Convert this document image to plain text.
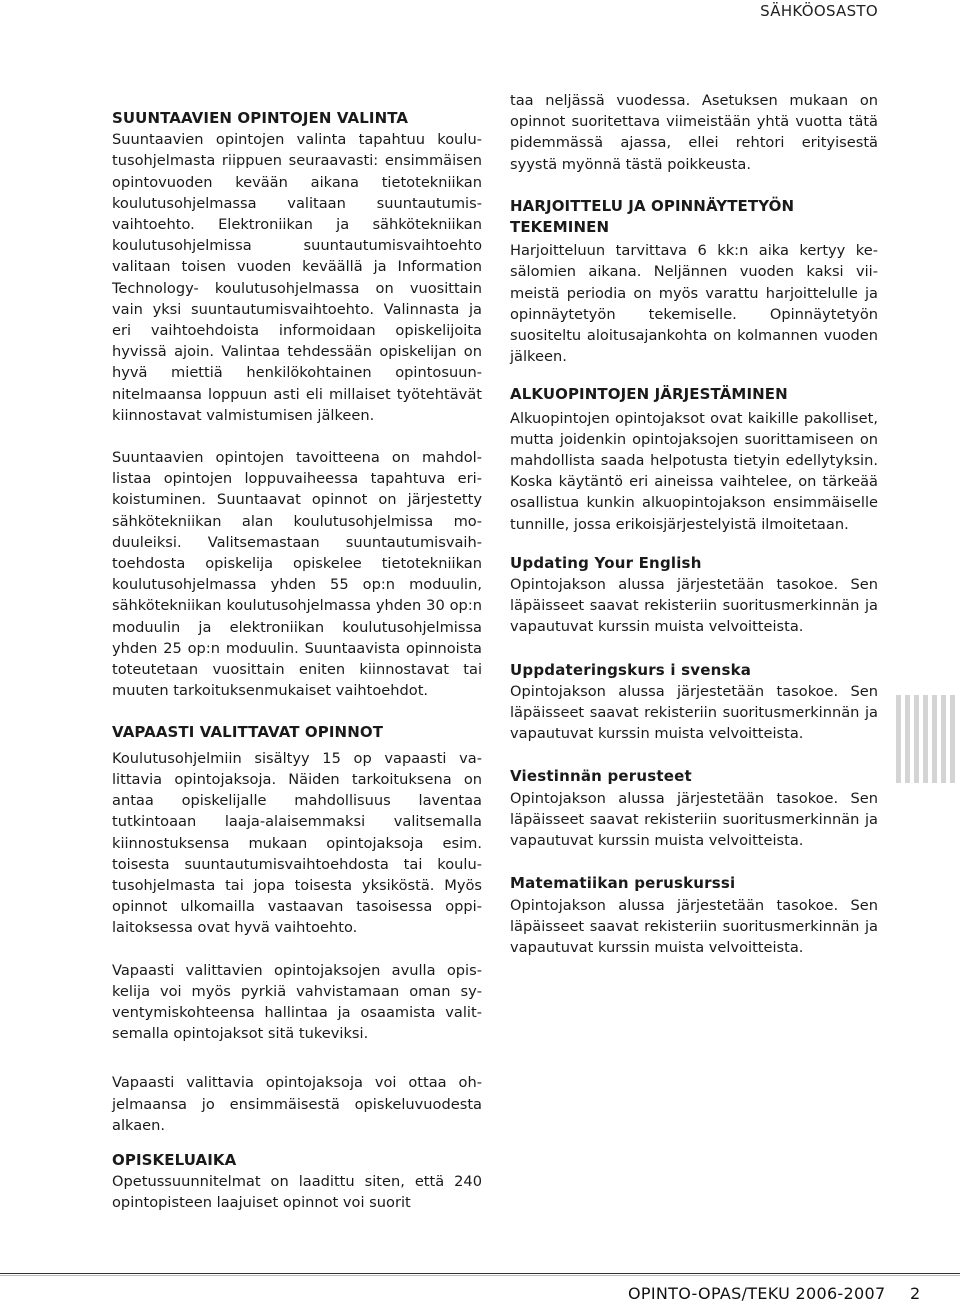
SÄHKÖOSASTO
SUUNTAAVIEN OPINTOJEN VALINTA

Suuntaavien opintojen valinta tapahtuu koulutusohjelmasta riippuen seuraavasti: ensimmäisen opintovuoden kevään aikana tietotekniikan koulutusohjelmassa valitaan suuntautumisvaihtoehto. Elektroniikan ja sähkötekniikan koulutusohjelmissa suuntautumisvaihtoehto valitaan toisen vuoden keväällä ja Information Technology- koulutusohjelmassa on vuosittain vain yksi suuntautumisvaihtoehto. Valinnasta ja eri vaihtoehdoista informoidaan opiskelijoita hyvissä ajoin. Valintaa tehdessään opiskelijan on hyvä miettiä henkilökohtainen opintosuunnitelmaansa loppuun asti eli millaiset työtehtävät kiinnostavat valmistumisen jälkeen.

Suuntaavien opintojen tavoitteena on mahdollistaa opintojen loppuvaiheessa tapahtuva erikoistuminen. Suuntaavat opinnot on järjestetty sähkötekniikan alan koulutusohjelmissa moduuleiksi. Valitsemastaan suuntautumisvaihtoehdosta opiskelija opiskelee tietotekniikan koulutusohjelmassa yhden 55 op:n moduulin, sähkötekniikan koulutusohjelmassa yhden 30 op:n moduulin ja elektroniikan koulutusohjelmissa yhden 25 op:n moduulin. Suuntaavista opinnoista toteutetaan vuosittain eniten kiinnostavat tai muuten tarkoituksenmukaiset vaihtoehdot.

VAPAASTI VALITTAVAT OPINNOT

Koulutusohjelmiin sisältyy 15 op vapaasti valittavia opintojaksoja. Näiden tarkoituksena on antaa opiskelijalle mahdollisuus laventaa tutkintoaan laaja-alaisemmaksi valitsemalla kiinnostuksensa mukaan opintojaksoja esim. toisesta suuntautumisvaihtoehdosta tai koulutusohjelmasta tai jopa toisesta yksiköstä. Myös opinnot ulkomailla vastaavan tasoisessa oppilaitoksessa ovat hyvä vaihtoehto.

Vapaasti valittavien opintojaksojen avulla opiskelija voi myös pyrkiä vahvistamaan oman syventymiskohteensa hallintaa ja osaamista valitsemalla opintojaksot sitä tukeviksi.

Vapaasti valittavia opintojaksoja voi ottaa ohjelmaansa jo ensimmäisestä opiskeluvuodesta alkaen.

OPISKELUAIKA

Opetussuunnitelmat on laadittu siten, että 240 opintopisteen laajuiset opinnot voi suorit

taa neljässä vuodessa. Asetuksen mukaan on opinnot suoritettava viimeistään yhtä vuotta tätä pidemmässä ajassa, ellei rehtori erityisestä syystä myönnä tästä poikkeusta.

HARJOITTELU JA OPINNÄYTETYÖN TEKEMINEN

Harjoitteluun tarvittava 6 kk:n aika kertyy kesälomien aikana. Neljännen vuoden kaksi viimeistä periodia on myös varattu harjoittelulle ja opinnäytetyön tekemiselle. Opinnäytetyön suositeltu aloitusajankohta on kolmannen vuoden jälkeen.

ALKUOPINTOJEN JÄRJESTÄMINEN

Alkuopintojen opintojaksot ovat kaikille pakolliset, mutta joidenkin opintojaksojen suorittamiseen on mahdollista saada helpotusta tietyin edellytyksin. Koska käytäntö eri aineissa vaihtelee, on tärkeää osallistua kunkin alkuopintojakson ensimmäiselle tunnille, jossa erikoisjärjestelyistä ilmoitetaan.

Updating Your English

Opintojakson alussa järjestetään tasokoe. Sen läpäisseet saavat rekisteriin suoritusmerkinnän ja vapautuvat kurssin muista velvoitteista.

Uppdateringskurs i svenska

Opintojakson alussa järjestetään tasokoe. Sen läpäisseet saavat rekisteriin suoritusmerkinnän ja vapautuvat kurssin muista velvoitteista.

Viestinnän perusteet

Opintojakson alussa järjestetään tasokoe. Sen läpäisseet saavat rekisteriin suoritusmerkinnän ja vapautuvat kurssin muista velvoitteista.

Matematiikan peruskurssi

Opintojakson alussa järjestetään tasokoe. Sen läpäisseet saavat rekisteriin suoritusmerkinnän ja vapautuvat kurssin muista velvoitteista.

OPINTO-OPAS/TEKU 2006-2007 2
